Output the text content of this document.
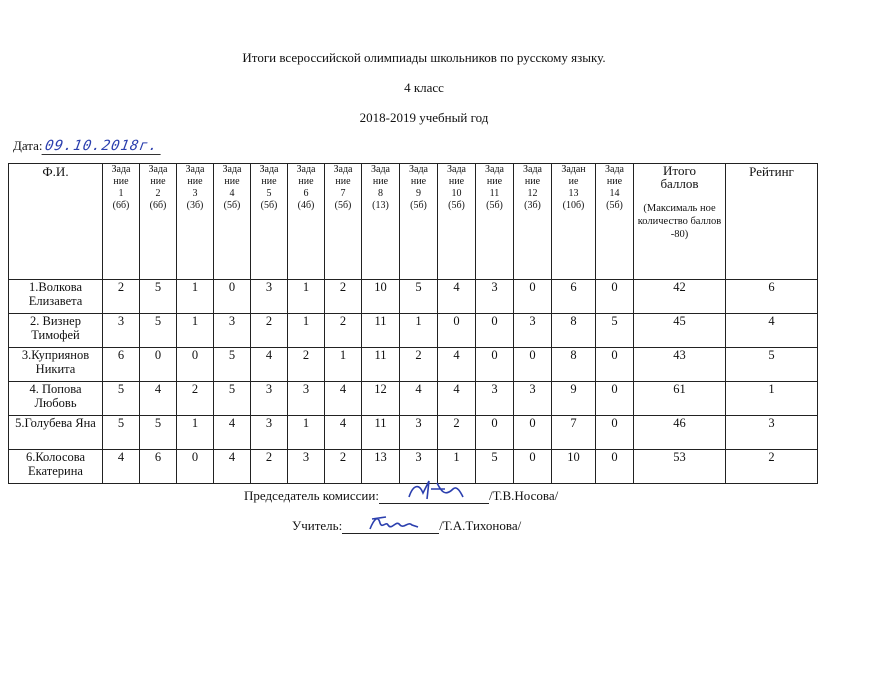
Итоги всероссийской олимпиады школьников по русскому языку.
4 класс
2018-2019 учебный год
Дата:09.10.2018г.
Ф.И.	Зада
ние
1
(6б)	Зада
ние
2
(6б)	Зада
ние
3
(3б)	Зада
ние
4
(5б)	Зада
ние
5
(5б)	Зада
ние
6
(4б)	Зада
ние
7
(5б)	Зада
ние
8
(13)	Зада
ние
9
(5б)	Зада
ние
10
(5б)	Зада
ние
11
(5б)	Зада
ние
12
(3б)	Задан
ие
13
(10б)	Зада
ние
14
(5б)	Итого баллов
(Максималь ное количество баллов -80)	Рейтинг
1.Волкова Елизавета	2	5	1	0	3	1	2	10	5	4	3	0	6	0	42	6
2. Визнер Тимофей	3	5	1	3	2	1	2	11	1	0	0	3	8	5	45	4
3.Куприянов Никита	6	0	0	5	4	2	1	11	2	4	0	0	8	0	43	5
4. Попова Любовь	5	4	2	5	3	3	4	12	4	4	3	3	9	0	61	1
5.Голубева Яна	5	5	1	4	3	1	4	11	3	2	0	0	7	0	46	3
6.Колосова Екатерина	4	6	0	4	2	3	2	13	3	1	5	0	10	0	53	2
Председатель комиссии:	/Т.В.Носова/
Учитель:	/Т.А.Тихонова/
